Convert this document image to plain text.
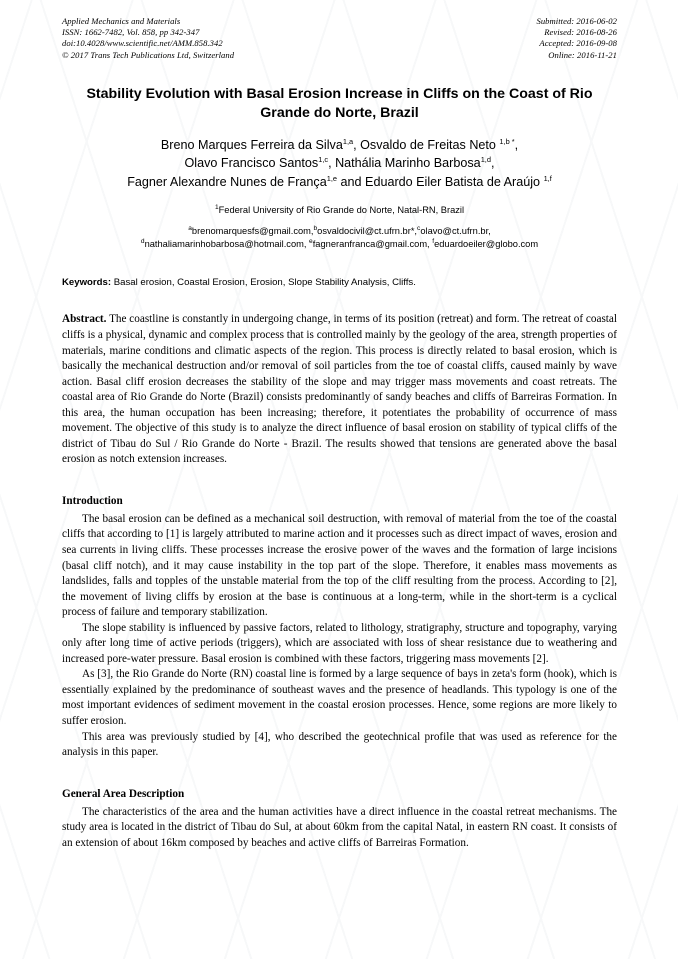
Applied Mechanics and Materials
ISSN: 1662-7482, Vol. 858, pp 342-347
doi:10.4028/www.scientific.net/AMM.858.342
© 2017 Trans Tech Publications Ltd, Switzerland
Submitted: 2016-06-02
Revised: 2016-08-26
Accepted: 2016-09-08
Online: 2016-11-21
Stability Evolution with Basal Erosion Increase in Cliffs on the Coast of Rio Grande do Norte, Brazil
Breno Marques Ferreira da Silva$^{1,a}$, Osvaldo de Freitas Neto $^{1,b *}$,
Olavo Francisco Santos$^{1,c}$, Nathália Marinho Barbosa$^{1,d}$,
Fagner Alexandre Nunes de França$^{1,e}$ and Eduardo Eiler Batista de Araújo $^{1,f}$
$^1$Federal University of Rio Grande do Norte, Natal-RN, Brazil
$^a$brenomarquesfs@gmail.com,$^b$osvaldocivil@ct.ufrn.br*,$^c$olavo@ct.ufrn.br,
$^d$nathaliamarinhobarbosa@hotmail.com, $^e$fagneranfranca@gmail.com, $^f$eduardoeiler@globo.com
Keywords: Basal erosion, Coastal Erosion, Erosion, Slope Stability Analysis, Cliffs.
Abstract. The coastline is constantly in undergoing change, in terms of its position (retreat) and form. The retreat of coastal cliffs is a physical, dynamic and complex process that is controlled mainly by the geology of the area, strength properties of materials, marine conditions and climatic aspects of the region. This process is directly related to basal erosion, which is basically the mechanical destruction and/or removal of soil particles from the toe of coastal cliffs, caused mainly by wave action. Basal cliff erosion decreases the stability of the slope and may trigger mass movements and coast retreats. The coastal area of Rio Grande do Norte (Brazil) consists predominantly of sandy beaches and cliffs of Barreiras Formation. In this area, the human occupation has been increasing; therefore, it potentiates the probability of occurrence of mass movement. The objective of this study is to analyze the direct influence of basal erosion on stability of typical cliffs of the district of Tibau do Sul / Rio Grande do Norte - Brazil. The results showed that tensions are generated above the basal erosion as notch extension increases.
Introduction

The basal erosion can be defined as a mechanical soil destruction, with removal of material from the toe of the coastal cliffs that according to [1] is largely attributed to marine action and it processes such as direct impact of waves, erosion and sea currents in living cliffs. These processes increase the erosive power of the waves and the formation of large incisions (basal cliff notch), and it may cause instability in the top part of the slope. Therefore, it enables mass movements as landslides, falls and topples of the unstable material from the top of the cliff resulting from the process. According to [2], the movement of living cliffs by erosion at the base is continuous at a long-term, while in the short-term is a cyclical process of failure and temporary stabilization.

The slope stability is influenced by passive factors, related to lithology, stratigraphy, structure and topography, varying only after long time of active periods (triggers), which are associated with loss of shear resistance due to weathering and increased pore-water pressure. Basal erosion is combined with these factors, triggering mass movements [2].

As [3], the Rio Grande do Norte (RN) coastal line is formed by a large sequence of bays in zeta's form (hook), which is essentially explained by the predominance of southeast waves and the presence of headlands. This typology is one of the most important evidences of sediment movement in the coastal erosion processes. Hence, some regions are more likely to suffer erosion.

This area was previously studied by [4], who described the geotechnical profile that was used as reference for the analysis in this paper.

General Area Description

The characteristics of the area and the human activities have a direct influence in the coastal retreat mechanisms. The study area is located in the district of Tibau do Sul, at about 60km from the capital Natal, in eastern RN coast. It consists of an extension of about 16km composed by beaches and active cliffs of Barreiras Formation.
